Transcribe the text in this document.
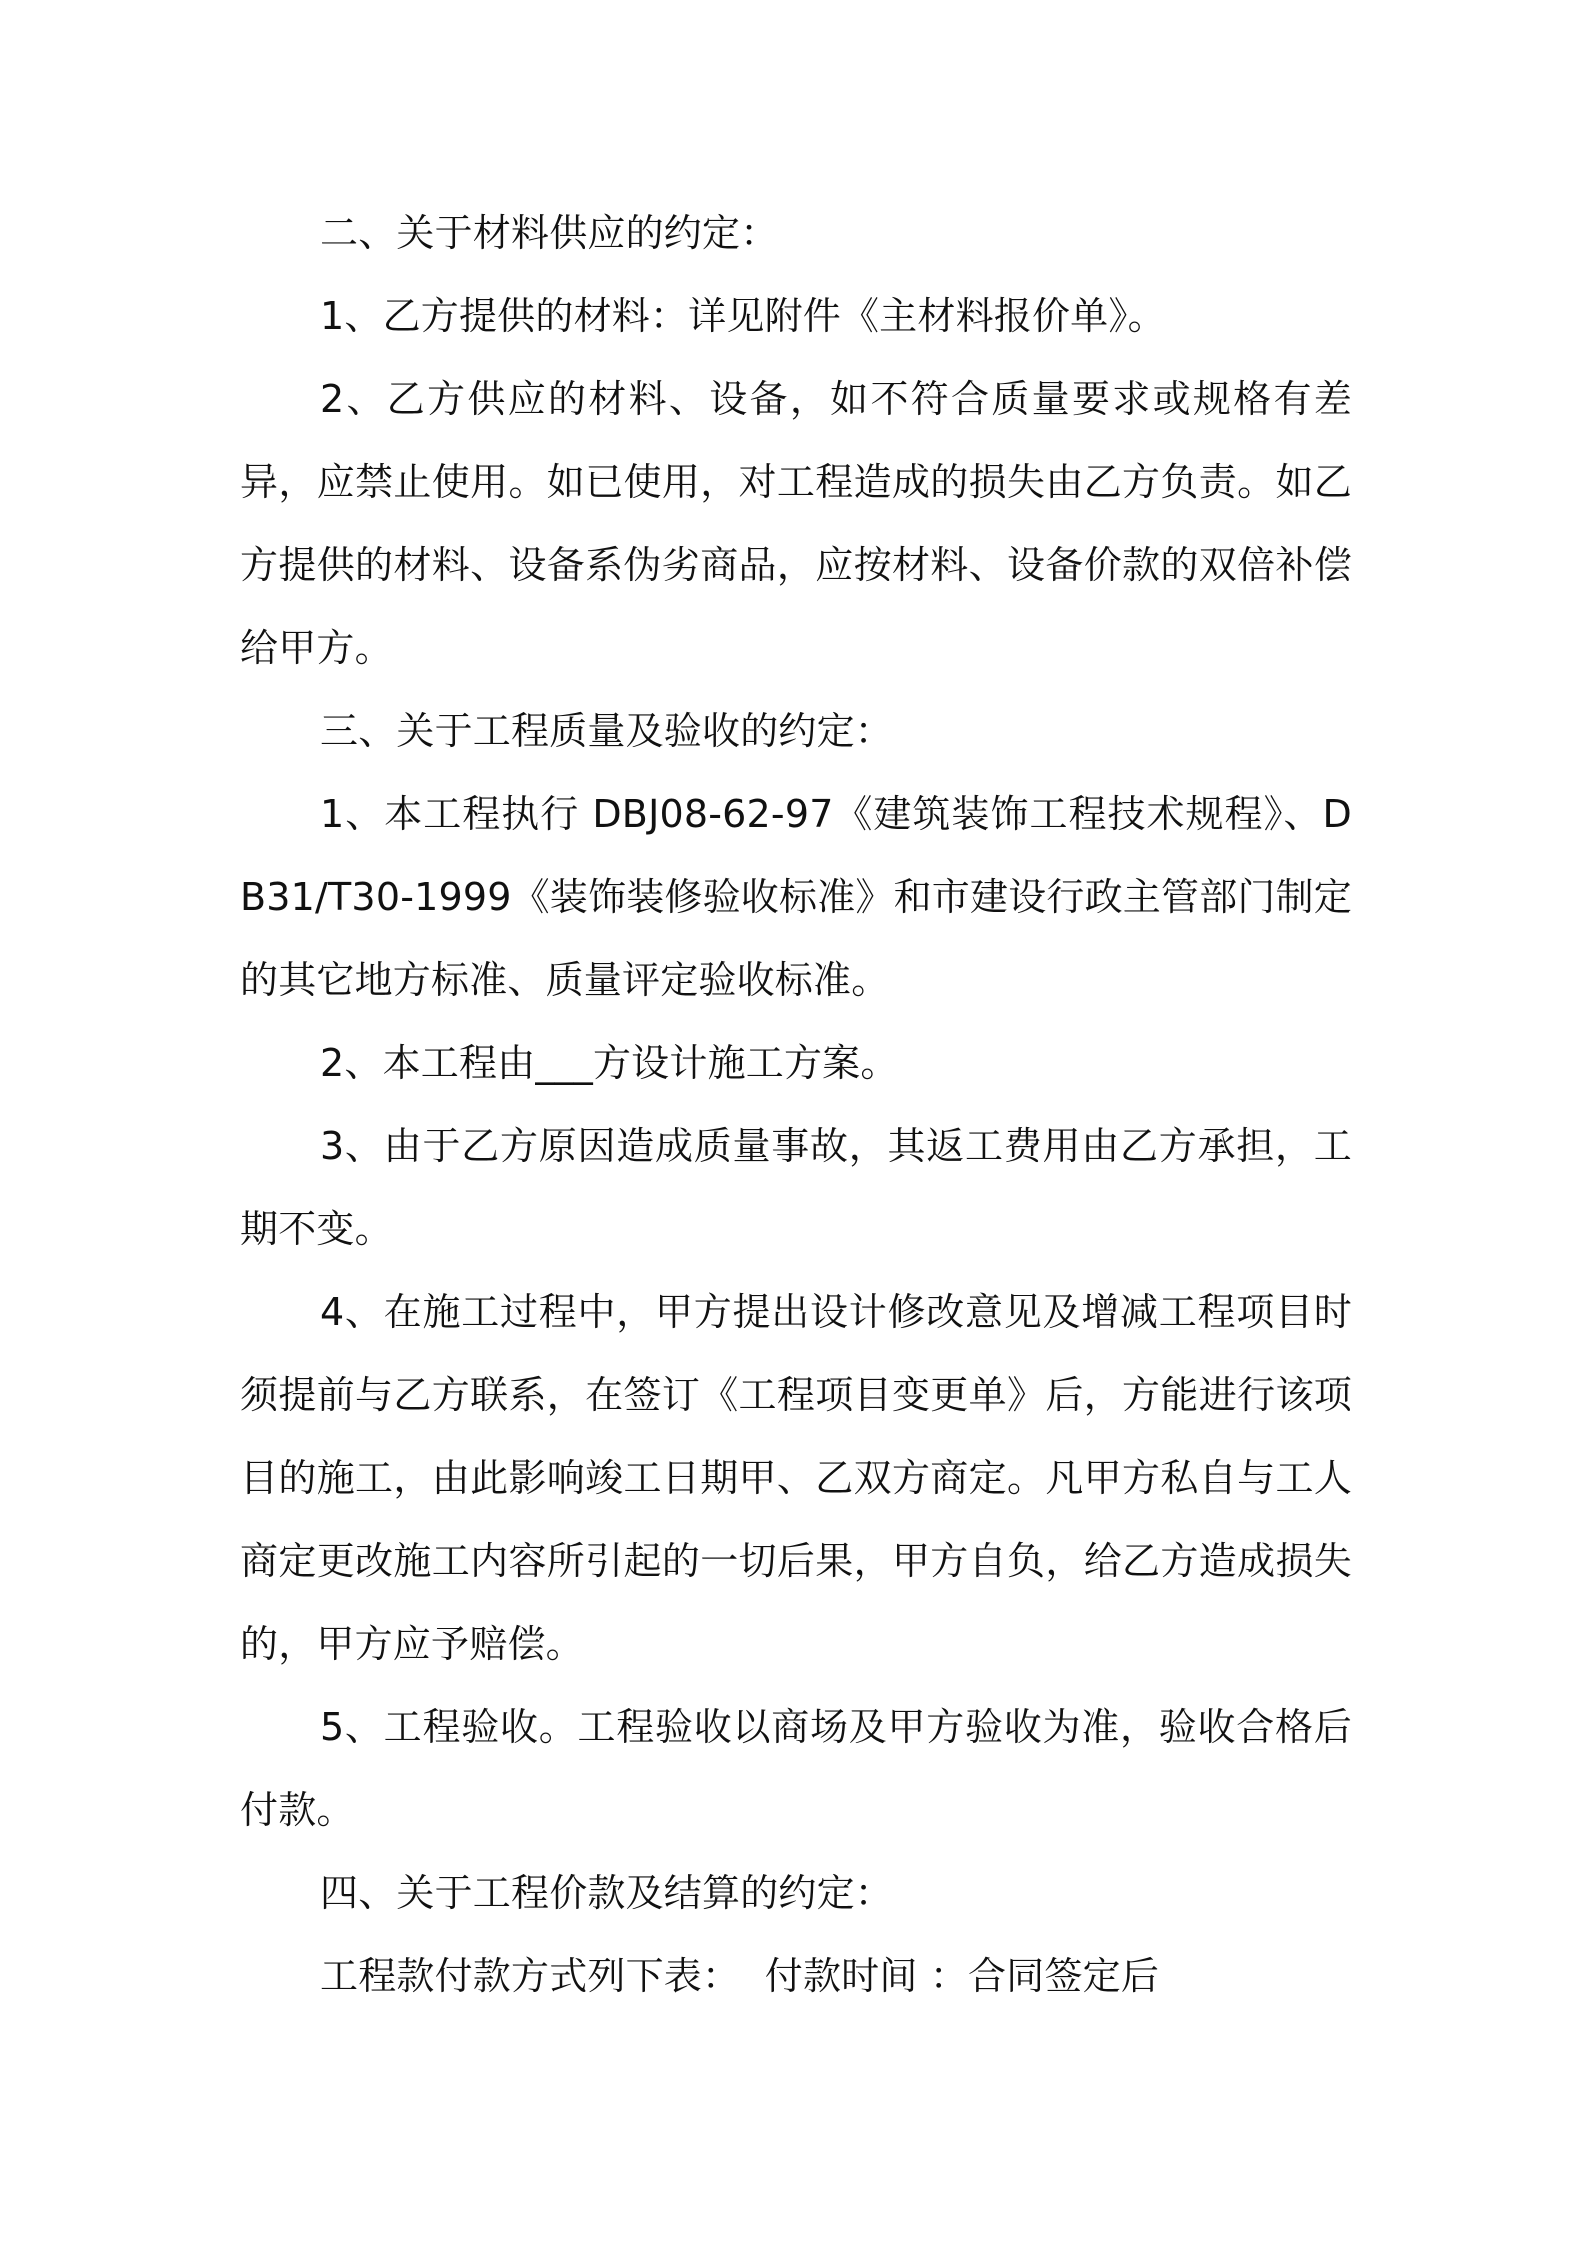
二、关于材料供应的约定：

1、乙方提供的材料：详见附件《主材料报价单》。

2、乙方供应的材料、设备，如不符合质量要求或规格有差异，应禁止使用。如已使用，对工程造成的损失由乙方负责。如乙方提供的材料、设备系伪劣商品，应按材料、设备价款的双倍补偿给甲方。

三、关于工程质量及验收的约定：

1、本工程执行 DBJ08-62-97《建筑装饰工程技术规程》、DB31/T30-1999《装饰装修验收标准》和市建设行政主管部门制定的其它地方标准、质量评定验收标准。

2、本工程由___方设计施工方案。

3、由于乙方原因造成质量事故，其返工费用由乙方承担，工期不变。

4、在施工过程中，甲方提出设计修改意见及增减工程项目时须提前与乙方联系，在签订《工程项目变更单》后，方能进行该项目的施工，由此影响竣工日期甲、乙双方商定。凡甲方私自与工人商定更改施工内容所引起的一切后果，甲方自负，给乙方造成损失的，甲方应予赔偿。

5、工程验收。工程验收以商场及甲方验收为准，验收合格后付款。

四、关于工程价款及结算的约定：

工程款付款方式列下表：  付款时间 ：合同签定后
